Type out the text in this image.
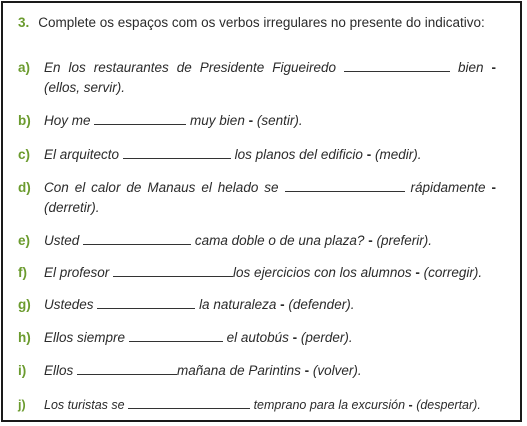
3. Complete os espaços com os verbos irregulares no presente do indicativo:
a) En los restaurantes de Presidente Figueiredo	bien -
(ellos, servir).
b) Hoy me	muy bien - (sentir).
c) El arquitecto	los planos del edificio - (medir).
d) Con el calor de Manaus el helado se	rápidamente -
(derretir).
e) Usted	cama doble o de una plaza? - (preferir).
f) El profesor	los ejercicios con los alumnos - (corregir).
g) Ustedes	la naturaleza - (defender).
h) Ellos siempre	el autobús - (perder).
i) Ellos	mañana de Parintins - (volver).
j) Los turistas se	temprano para la excursión - (despertar).
